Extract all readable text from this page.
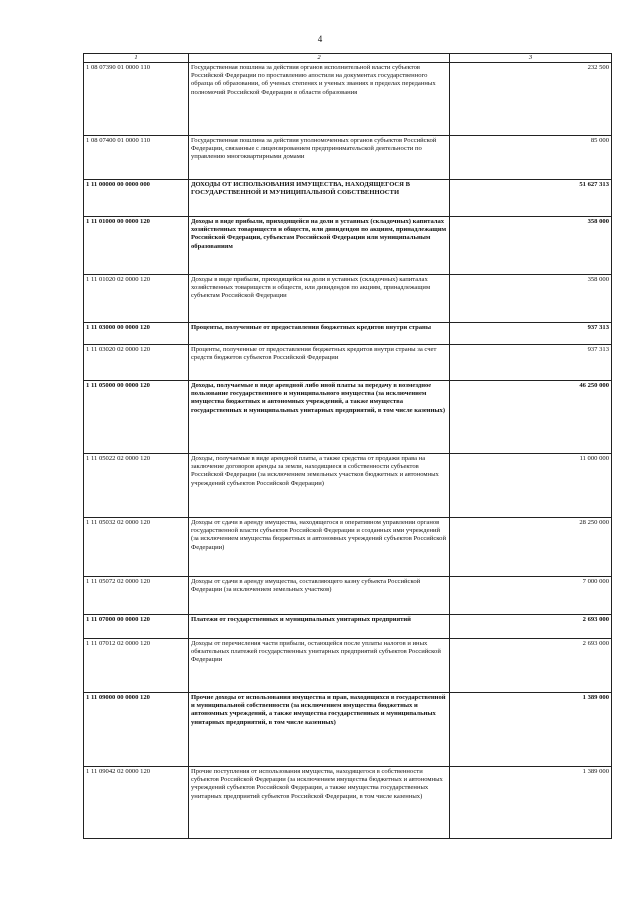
4
1	2	3
1 08 07390 01 0000 110	Государственная пошлина за действия органов исполнительной власти субъектов Российской Федерации по проставлению апостиля на документах государственного образца об образовании, об ученых степенях и ученых званиях в пределах переданных полномочий Российской Федерации в области образования	232 500
1 08 07400 01 0000 110	Государственная пошлина за действия уполномоченных органов субъектов Российской Федерации, связанные с лицензированием предпринимательской деятельности по управлению многоквартирными домами	85 000
1 11 00000 00 0000 000	ДОХОДЫ ОТ ИСПОЛЬЗОВАНИЯ ИМУЩЕСТВА, НАХОДЯЩЕГОСЯ В ГОСУДАРСТВЕННОЙ И МУНИЦИПАЛЬНОЙ СОБСТВЕННОСТИ	51 627 313
1 11 01000 00 0000 120	Доходы в виде прибыли, приходящейся на доли в уставных (складочных) капиталах хозяйственных товариществ и обществ, или дивидендов по акциям, принадлежащим Российской Федерации, субъектам Российской Федерации или муниципальным образованиям	358 000
1 11 01020 02 0000 120	Доходы в виде прибыли, приходящейся на доли в уставных (складочных) капиталах хозяйственных товариществ и обществ, или дивидендов по акциям, принадлежащим субъектам Российской Федерации	358 000
1 11 03000 00 0000 120	Проценты, полученные от предоставления бюджетных кредитов внутри страны	937 313
1 11 03020 02 0000 120	Проценты, полученные от предоставления бюджетных кредитов внутри страны за счет средств бюджетов субъектов Российской Федерации	937 313
1 11 05000 00 0000 120	Доходы, получаемые в виде арендной либо иной платы за передачу в возмездное пользование государственного и муниципального имущества (за исключением имущества бюджетных и автономных учреждений, а также имущества государственных и муниципальных унитарных предприятий, в том числе казенных)	46 250 000
1 11 05022 02 0000 120	Доходы, получаемые в виде арендной платы, а также средства от продажи права на заключение договоров аренды за земли, находящиеся в собственности субъектов Российской Федерации (за исключением земельных участков бюджетных и автономных учреждений субъектов Российской Федерации)	11 000 000
1 11 05032 02 0000 120	Доходы от сдачи в аренду имущества, находящегося в оперативном управлении органов государственной власти субъектов Российской Федерации и созданных ими учреждений (за исключением имущества бюджетных и автономных учреждений субъектов Российской Федерации)	28 250 000
1 11 05072 02 0000 120	Доходы от сдачи в аренду имущества, составляющего казну субъекта Российской Федерации (за исключением земельных участков)	7 000 000
1 11 07000 00 0000 120	Платежи от государственных и муниципальных унитарных предприятий	2 693 000
1 11 07012 02 0000 120	Доходы от перечисления части прибыли, остающейся после уплаты налогов и иных обязательных платежей государственных унитарных предприятий субъектов Российской Федерации	2 693 000
1 11 09000 00 0000 120	Прочие доходы от использования имущества и прав, находящихся в государственной и муниципальной собственности (за исключением имущества бюджетных и автономных учреждений, а также имущества государственных и муниципальных унитарных предприятий, в том числе казенных)	1 389 000
1 11 09042 02 0000 120	Прочие поступления от использования имущества, находящегося в собственности субъектов Российской Федерации (за исключением имущества бюджетных и автономных учреждений субъектов Российской Федерации, а также имущества государственных унитарных предприятий субъектов Российской Федерации, в том числе казенных)	1 389 000
